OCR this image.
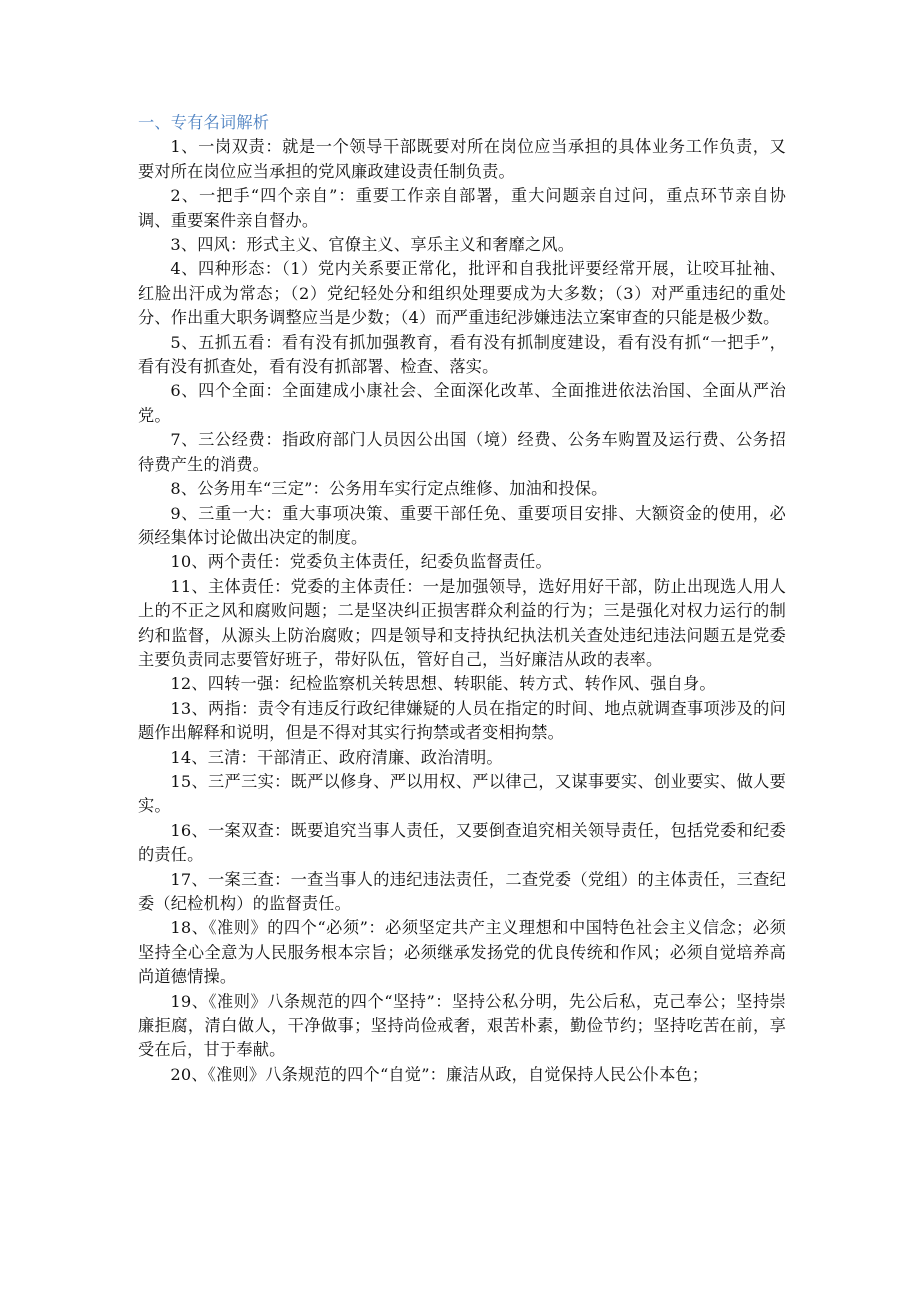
一、专有名词解析

1、一岗双责：就是一个领导干部既要对所在岗位应当承担的具体业务工作负责，又要对所在岗位应当承担的党风廉政建设责任制负责。

2、一把手“四个亲自”：重要工作亲自部署，重大问题亲自过问，重点环节亲自协调、重要案件亲自督办。

3、四风：形式主义、官僚主义、享乐主义和奢靡之风。

4、四种形态：（1）党内关系要正常化，批评和自我批评要经常开展，让咬耳扯袖、红脸出汗成为常态；（2）党纪轻处分和组织处理要成为大多数；（3）对严重违纪的重处分、作出重大职务调整应当是少数；（4）而严重违纪涉嫌违法立案审查的只能是极少数。

5、五抓五看：看有没有抓加强教育，看有没有抓制度建设，看有没有抓“一把手”，看有没有抓查处，看有没有抓部署、检查、落实。

6、四个全面：全面建成小康社会、全面深化改革、全面推进依法治国、全面从严治党。

7、三公经费：指政府部门人员因公出国（境）经费、公务车购置及运行费、公务招待费产生的消费。

8、公务用车“三定”：公务用车实行定点维修、加油和投保。

9、三重一大：重大事项决策、重要干部任免、重要项目安排、大额资金的使用，必须经集体讨论做出决定的制度。

10、两个责任：党委负主体责任，纪委负监督责任。

11、主体责任：党委的主体责任：一是加强领导，选好用好干部，防止出现选人用人上的不正之风和腐败问题；二是坚决纠正损害群众利益的行为；三是强化对权力运行的制约和监督，从源头上防治腐败；四是领导和支持执纪执法机关查处违纪违法问题五是党委主要负责同志要管好班子，带好队伍，管好自己，当好廉洁从政的表率。

12、四转一强：纪检监察机关转思想、转职能、转方式、转作风、强自身。

13、两指：责令有违反行政纪律嫌疑的人员在指定的时间、地点就调查事项涉及的问题作出解释和说明，但是不得对其实行拘禁或者变相拘禁。

14、三清：干部清正、政府清廉、政治清明。

15、三严三实：既严以修身、严以用权、严以律己，又谋事要实、创业要实、做人要实。

16、一案双查：既要追究当事人责任，又要倒查追究相关领导责任，包括党委和纪委的责任。

17、一案三查：一查当事人的违纪违法责任，二查党委（党组）的主体责任，三查纪委（纪检机构）的监督责任。

18、《准则》的四个“必须”：必须坚定共产主义理想和中国特色社会主义信念；必须坚持全心全意为人民服务根本宗旨；必须继承发扬党的优良传统和作风；必须自觉培养高尚道德情操。

19、《准则》八条规范的四个“坚持”：坚持公私分明，先公后私，克己奉公；坚持崇廉拒腐，清白做人，干净做事；坚持尚俭戒奢，艰苦朴素，勤俭节约；坚持吃苦在前，享受在后，甘于奉献。

20、《准则》八条规范的四个“自觉”：廉洁从政，自觉保持人民公仆本色；
